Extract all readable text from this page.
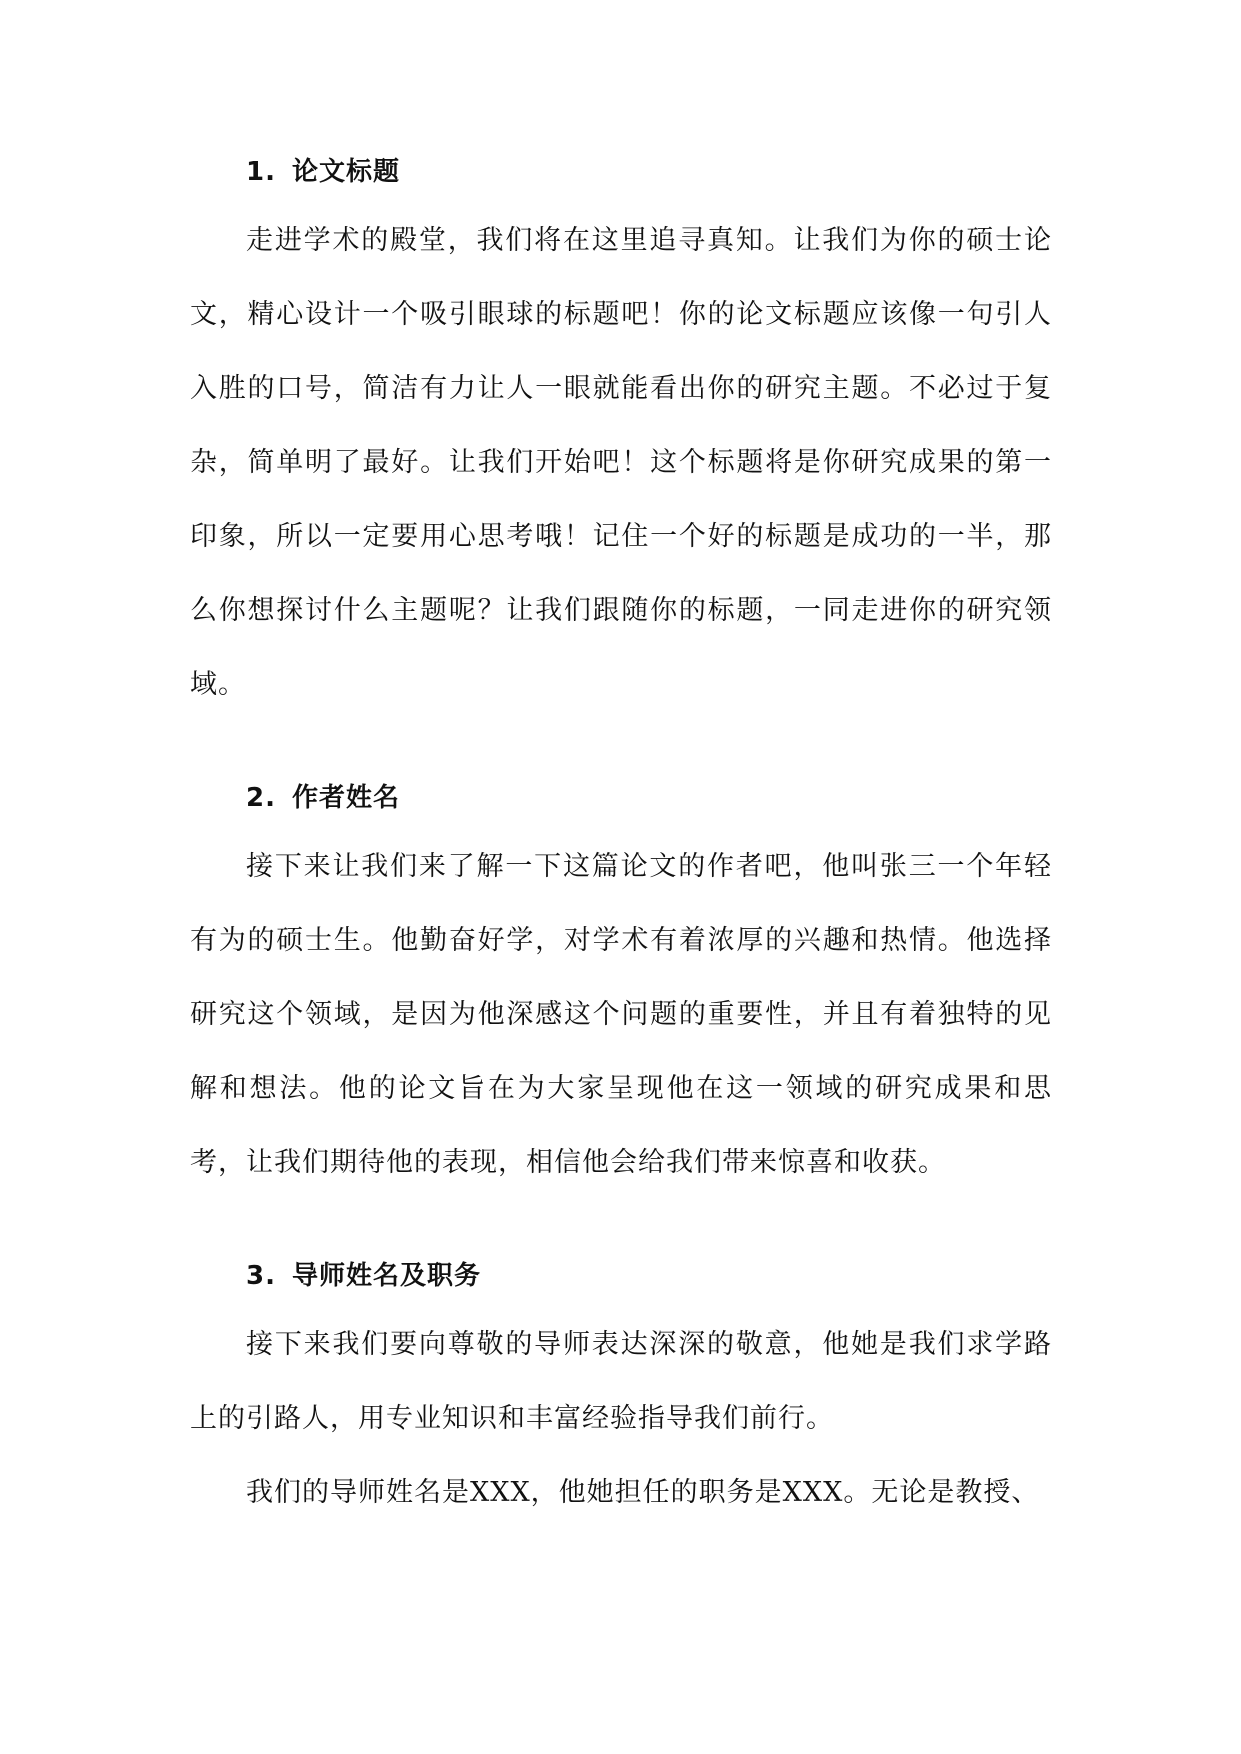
1. 论文标题

走进学术的殿堂，我们将在这里追寻真知。让我们为你的硕士论文，精心设计一个吸引眼球的标题吧！你的论文标题应该像一句引人入胜的口号，简洁有力让人一眼就能看出你的研究主题。不必过于复杂，简单明了最好。让我们开始吧！这个标题将是你研究成果的第一印象，所以一定要用心思考哦！记住一个好的标题是成功的一半，那么你想探讨什么主题呢？让我们跟随你的标题，一同走进你的研究领域。

2. 作者姓名

接下来让我们来了解一下这篇论文的作者吧，他叫张三一个年轻有为的硕士生。他勤奋好学，对学术有着浓厚的兴趣和热情。他选择研究这个领域，是因为他深感这个问题的重要性，并且有着独特的见解和想法。他的论文旨在为大家呈现他在这一领域的研究成果和思考，让我们期待他的表现，相信他会给我们带来惊喜和收获。

3. 导师姓名及职务

接下来我们要向尊敬的导师表达深深的敬意，他她是我们求学路上的引路人，用专业知识和丰富经验指导我们前行。

我们的导师姓名是XXX，他她担任的职务是XXX。无论是教授、
